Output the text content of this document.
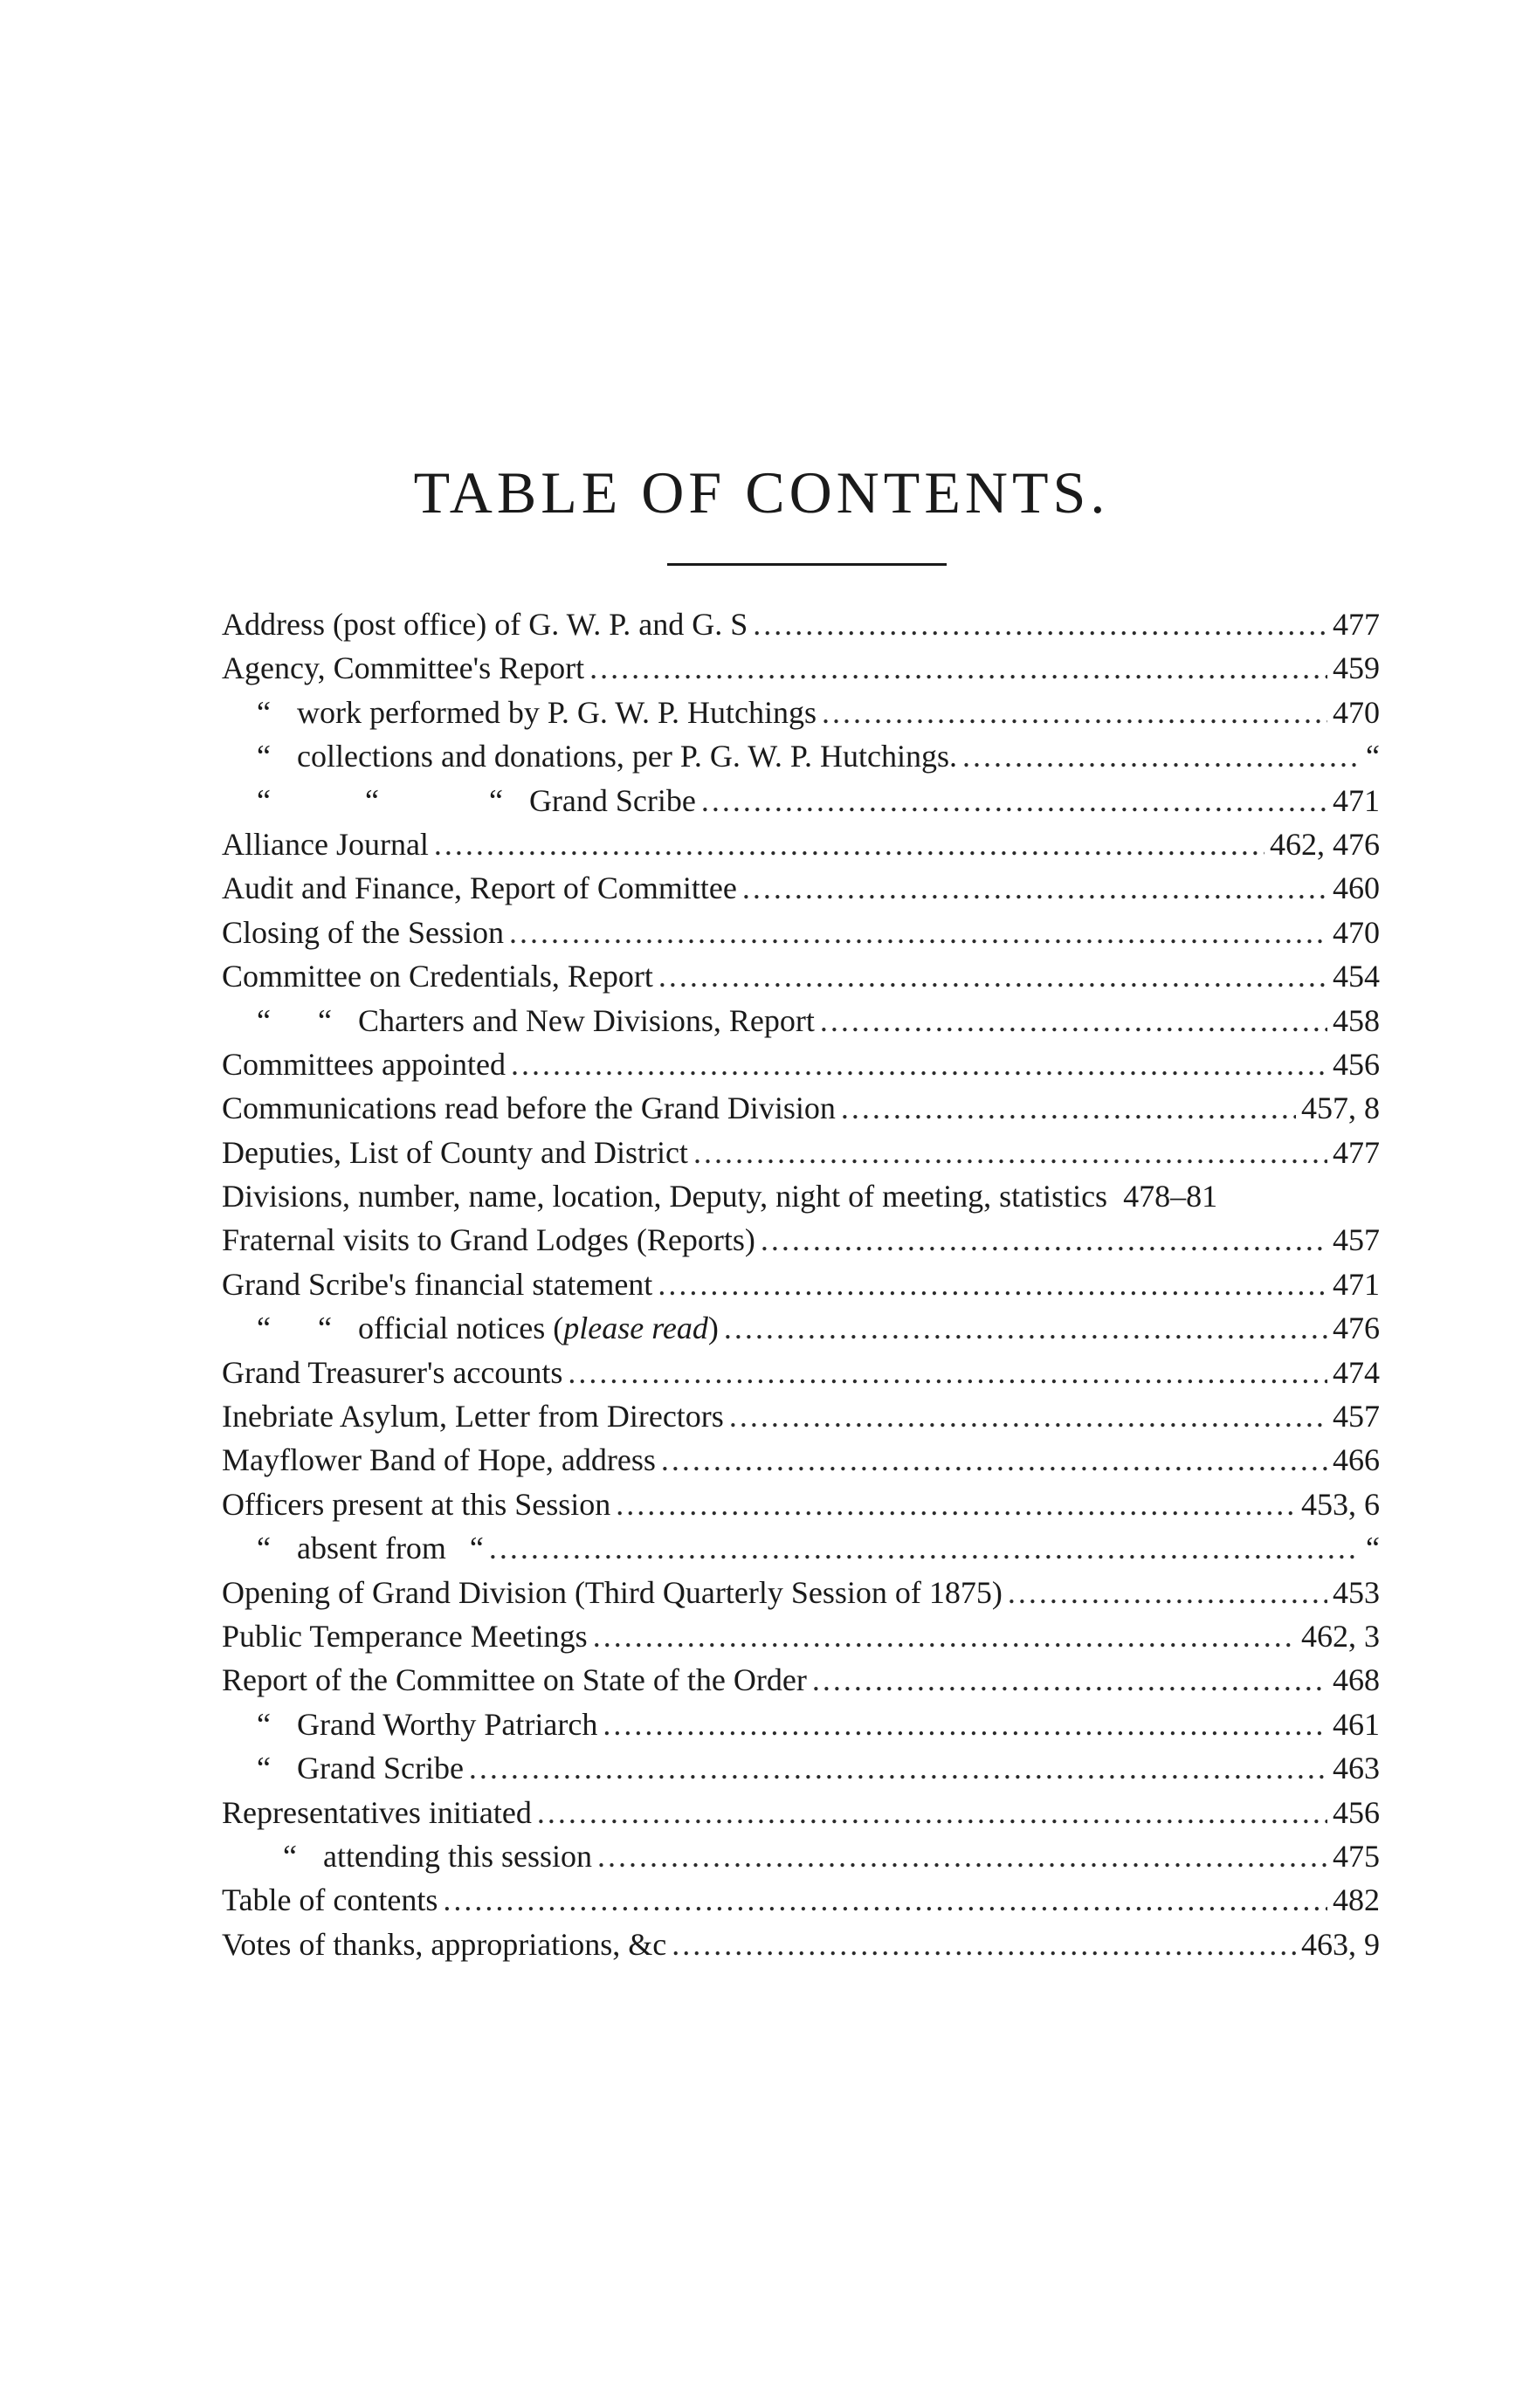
TABLE OF CONTENTS.
Address (post office) of G. W. P. and G. S .....	477
Agency, Committee's Report .....	459
“ work performed by P. G. W. P. Hutchings .....	470
“ collections and donations, per P. G. W. P. Hutchings. .....	“
“            “              “ Grand Scribe .....	471
Alliance Journal .....	462, 476
Audit and Finance, Report of Committee .....	460
Closing of the Session .....	470
Committee on Credentials, Report .....	454
“      “ Charters and New Divisions, Report .....	458
Committees appointed .....	456
Communications read before the Grand Division .....	457, 8
Deputies, List of County and District .....	477
Divisions, number, name, location, Deputy, night of meeting, statistics 478–81
Fraternal visits to Grand Lodges (Reports) .....	457
Grand Scribe's financial statement .....	471
“      “ official notices (please read) .....	476
Grand Treasurer's accounts .....	474
Inebriate Asylum, Letter from Directors .....	457
Mayflower Band of Hope, address .....	466
Officers present at this Session .....	453, 6
“ absent from   “ .....	“
Opening of Grand Division (Third Quarterly Session of 1875) .....	453
Public Temperance Meetings .....	462, 3
Report of the Committee on State of the Order .....	468
“ Grand Worthy Patriarch .....	461
“ Grand Scribe .....	463
Representatives initiated .....	456
“ attending this session .....	475
Table of contents .....	482
Votes of thanks, appropriations, &c .....	463, 9
